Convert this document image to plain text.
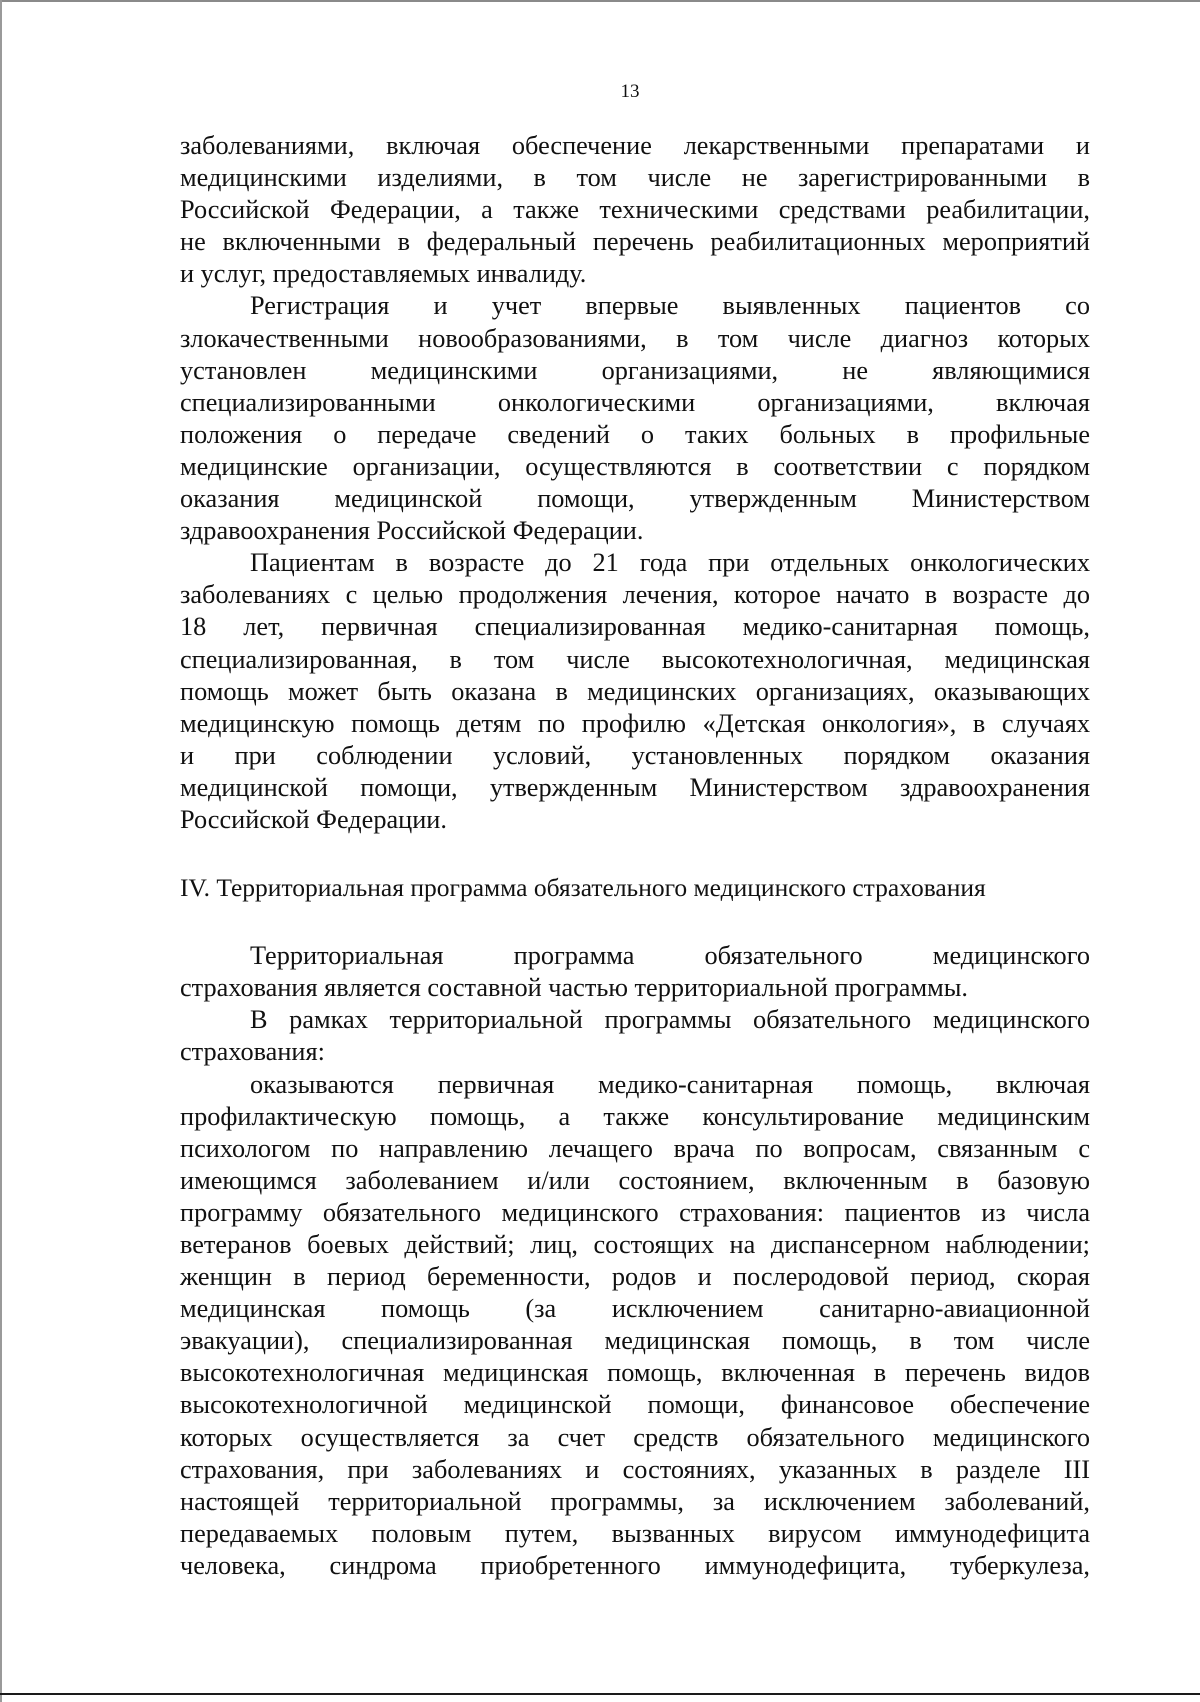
13
заболеваниями, включая обеспечение лекарственными препаратами и
медицинскими изделиями, в том числе не зарегистрированными в
Российской Федерации, а также техническими средствами реабилитации,
не включенными в федеральный перечень реабилитационных мероприятий
и услуг, предоставляемых инвалиду.
Регистрация и учет впервые выявленных пациентов со
злокачественными новообразованиями, в том числе диагноз которых
установлен медицинскими организациями, не являющимися
специализированными онкологическими организациями, включая
положения о передаче сведений о таких больных в профильные
медицинские организации, осуществляются в соответствии с порядком
оказания медицинской помощи, утвержденным Министерством
здравоохранения Российской Федерации.
Пациентам в возрасте до 21 года при отдельных онкологических
заболеваниях с целью продолжения лечения, которое начато в возрасте до
18 лет, первичная специализированная медико-санитарная помощь,
специализированная, в том числе высокотехнологичная, медицинская
помощь может быть оказана в медицинских организациях, оказывающих
медицинскую помощь детям по профилю «Детская онкология», в случаях
и при соблюдении условий, установленных порядком оказания
медицинской помощи, утвержденным Министерством здравоохранения
Российской Федерации.
IV. Территориальная программа обязательного медицинского страхования
Территориальная программа обязательного медицинского
страхования является составной частью территориальной программы.
В рамках территориальной программы обязательного медицинского
страхования:
оказываются первичная медико-санитарная помощь, включая
профилактическую помощь, а также консультирование медицинским
психологом по направлению лечащего врача по вопросам, связанным с
имеющимся заболеванием и/или состоянием, включенным в базовую
программу обязательного медицинского страхования: пациентов из числа
ветеранов боевых действий; лиц, состоящих на диспансерном наблюдении;
женщин в период беременности, родов и послеродовой период, скорая
медицинская помощь (за исключением санитарно-авиационной
эвакуации), специализированная медицинская помощь, в том числе
высокотехнологичная медицинская помощь, включенная в перечень видов
высокотехнологичной медицинской помощи, финансовое обеспечение
которых осуществляется за счет средств обязательного медицинского
страхования, при заболеваниях и состояниях, указанных в разделе III
настоящей территориальной программы, за исключением заболеваний,
передаваемых половым путем, вызванных вирусом иммунодефицита
человека, синдрома приобретенного иммунодефицита, туберкулеза,
